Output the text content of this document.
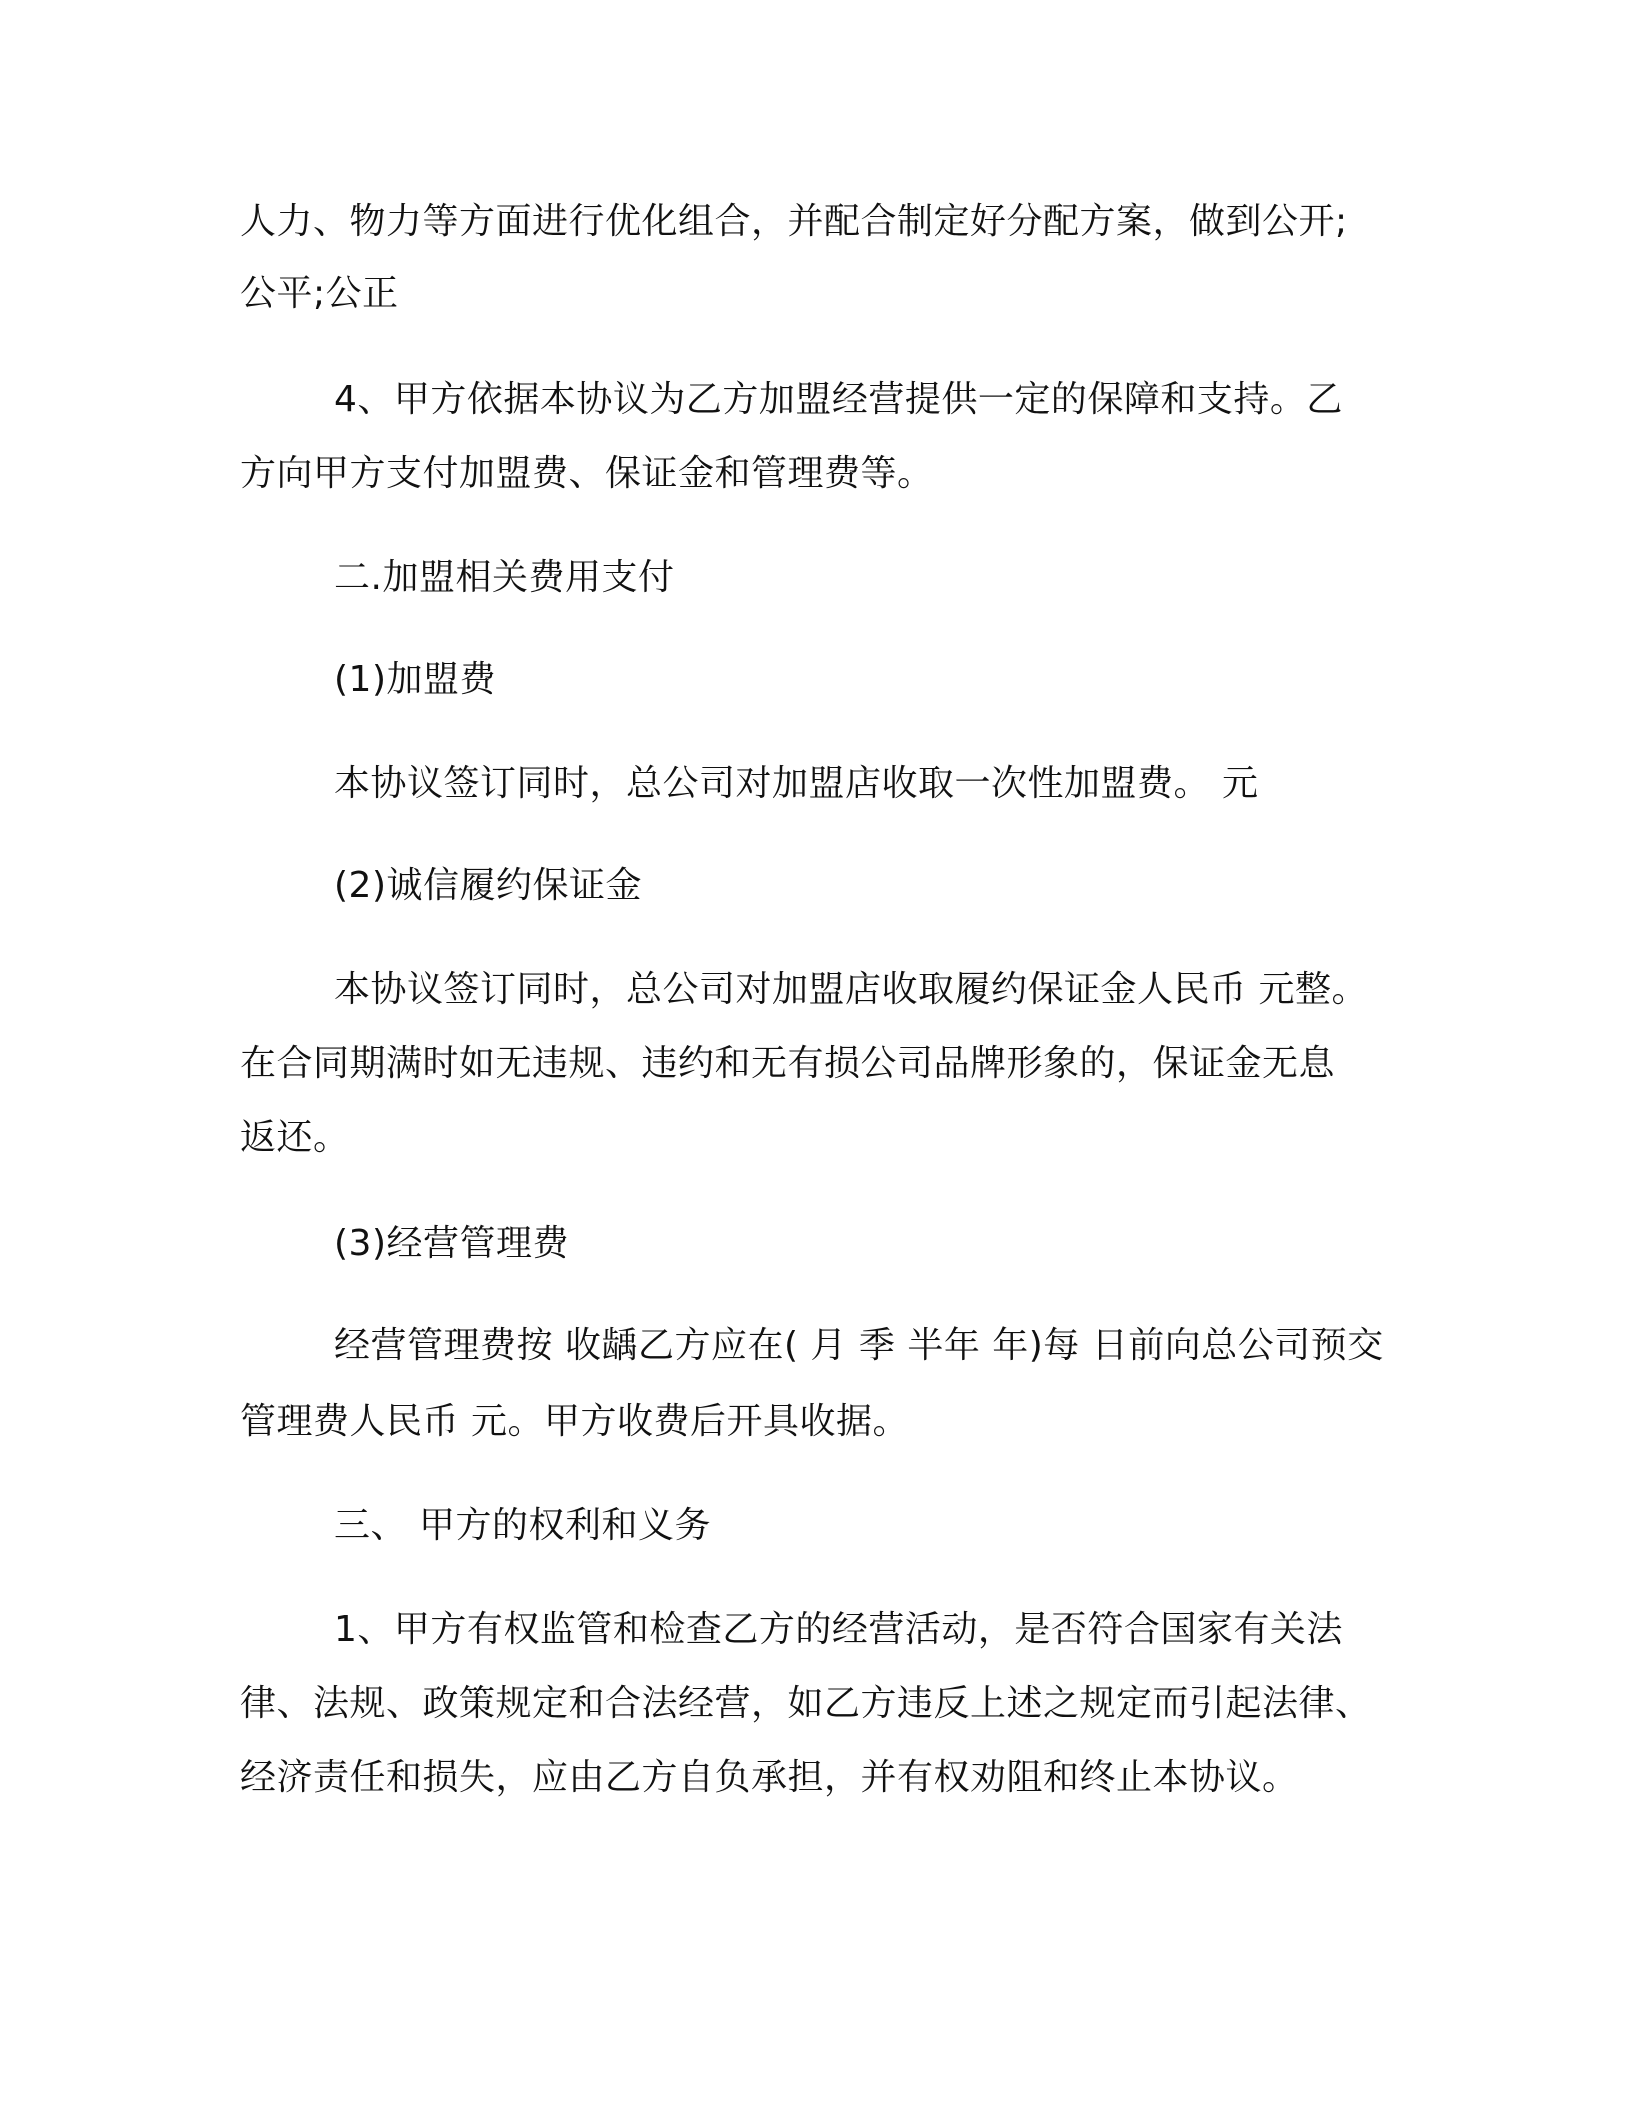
人力、物力等方面进行优化组合，并配合制定好分配方案，做到公开;
公平;公正
4、甲方依据本协议为乙方加盟经营提供一定的保障和支持。乙
方向甲方支付加盟费、保证金和管理费等。
二.加盟相关费用支付
(1)加盟费
本协议签订同时，总公司对加盟店收取一次性加盟费。 元
(2)诚信履约保证金
本协议签订同时，总公司对加盟店收取履约保证金人民币 元整。
在合同期满时如无违规、违约和无有损公司品牌形象的，保证金无息
返还。
(3)经营管理费
经营管理费按 收龋乙方应在( 月 季 半年 年)每 日前向总公司预交
管理费人民币 元。甲方收费后开具收据。
三、 甲方的权利和义务
1、甲方有权监管和检查乙方的经营活动，是否符合国家有关法
律、法规、政策规定和合法经营，如乙方违反上述之规定而引起法律、
经济责任和损失，应由乙方自负承担，并有权劝阻和终止本协议。
